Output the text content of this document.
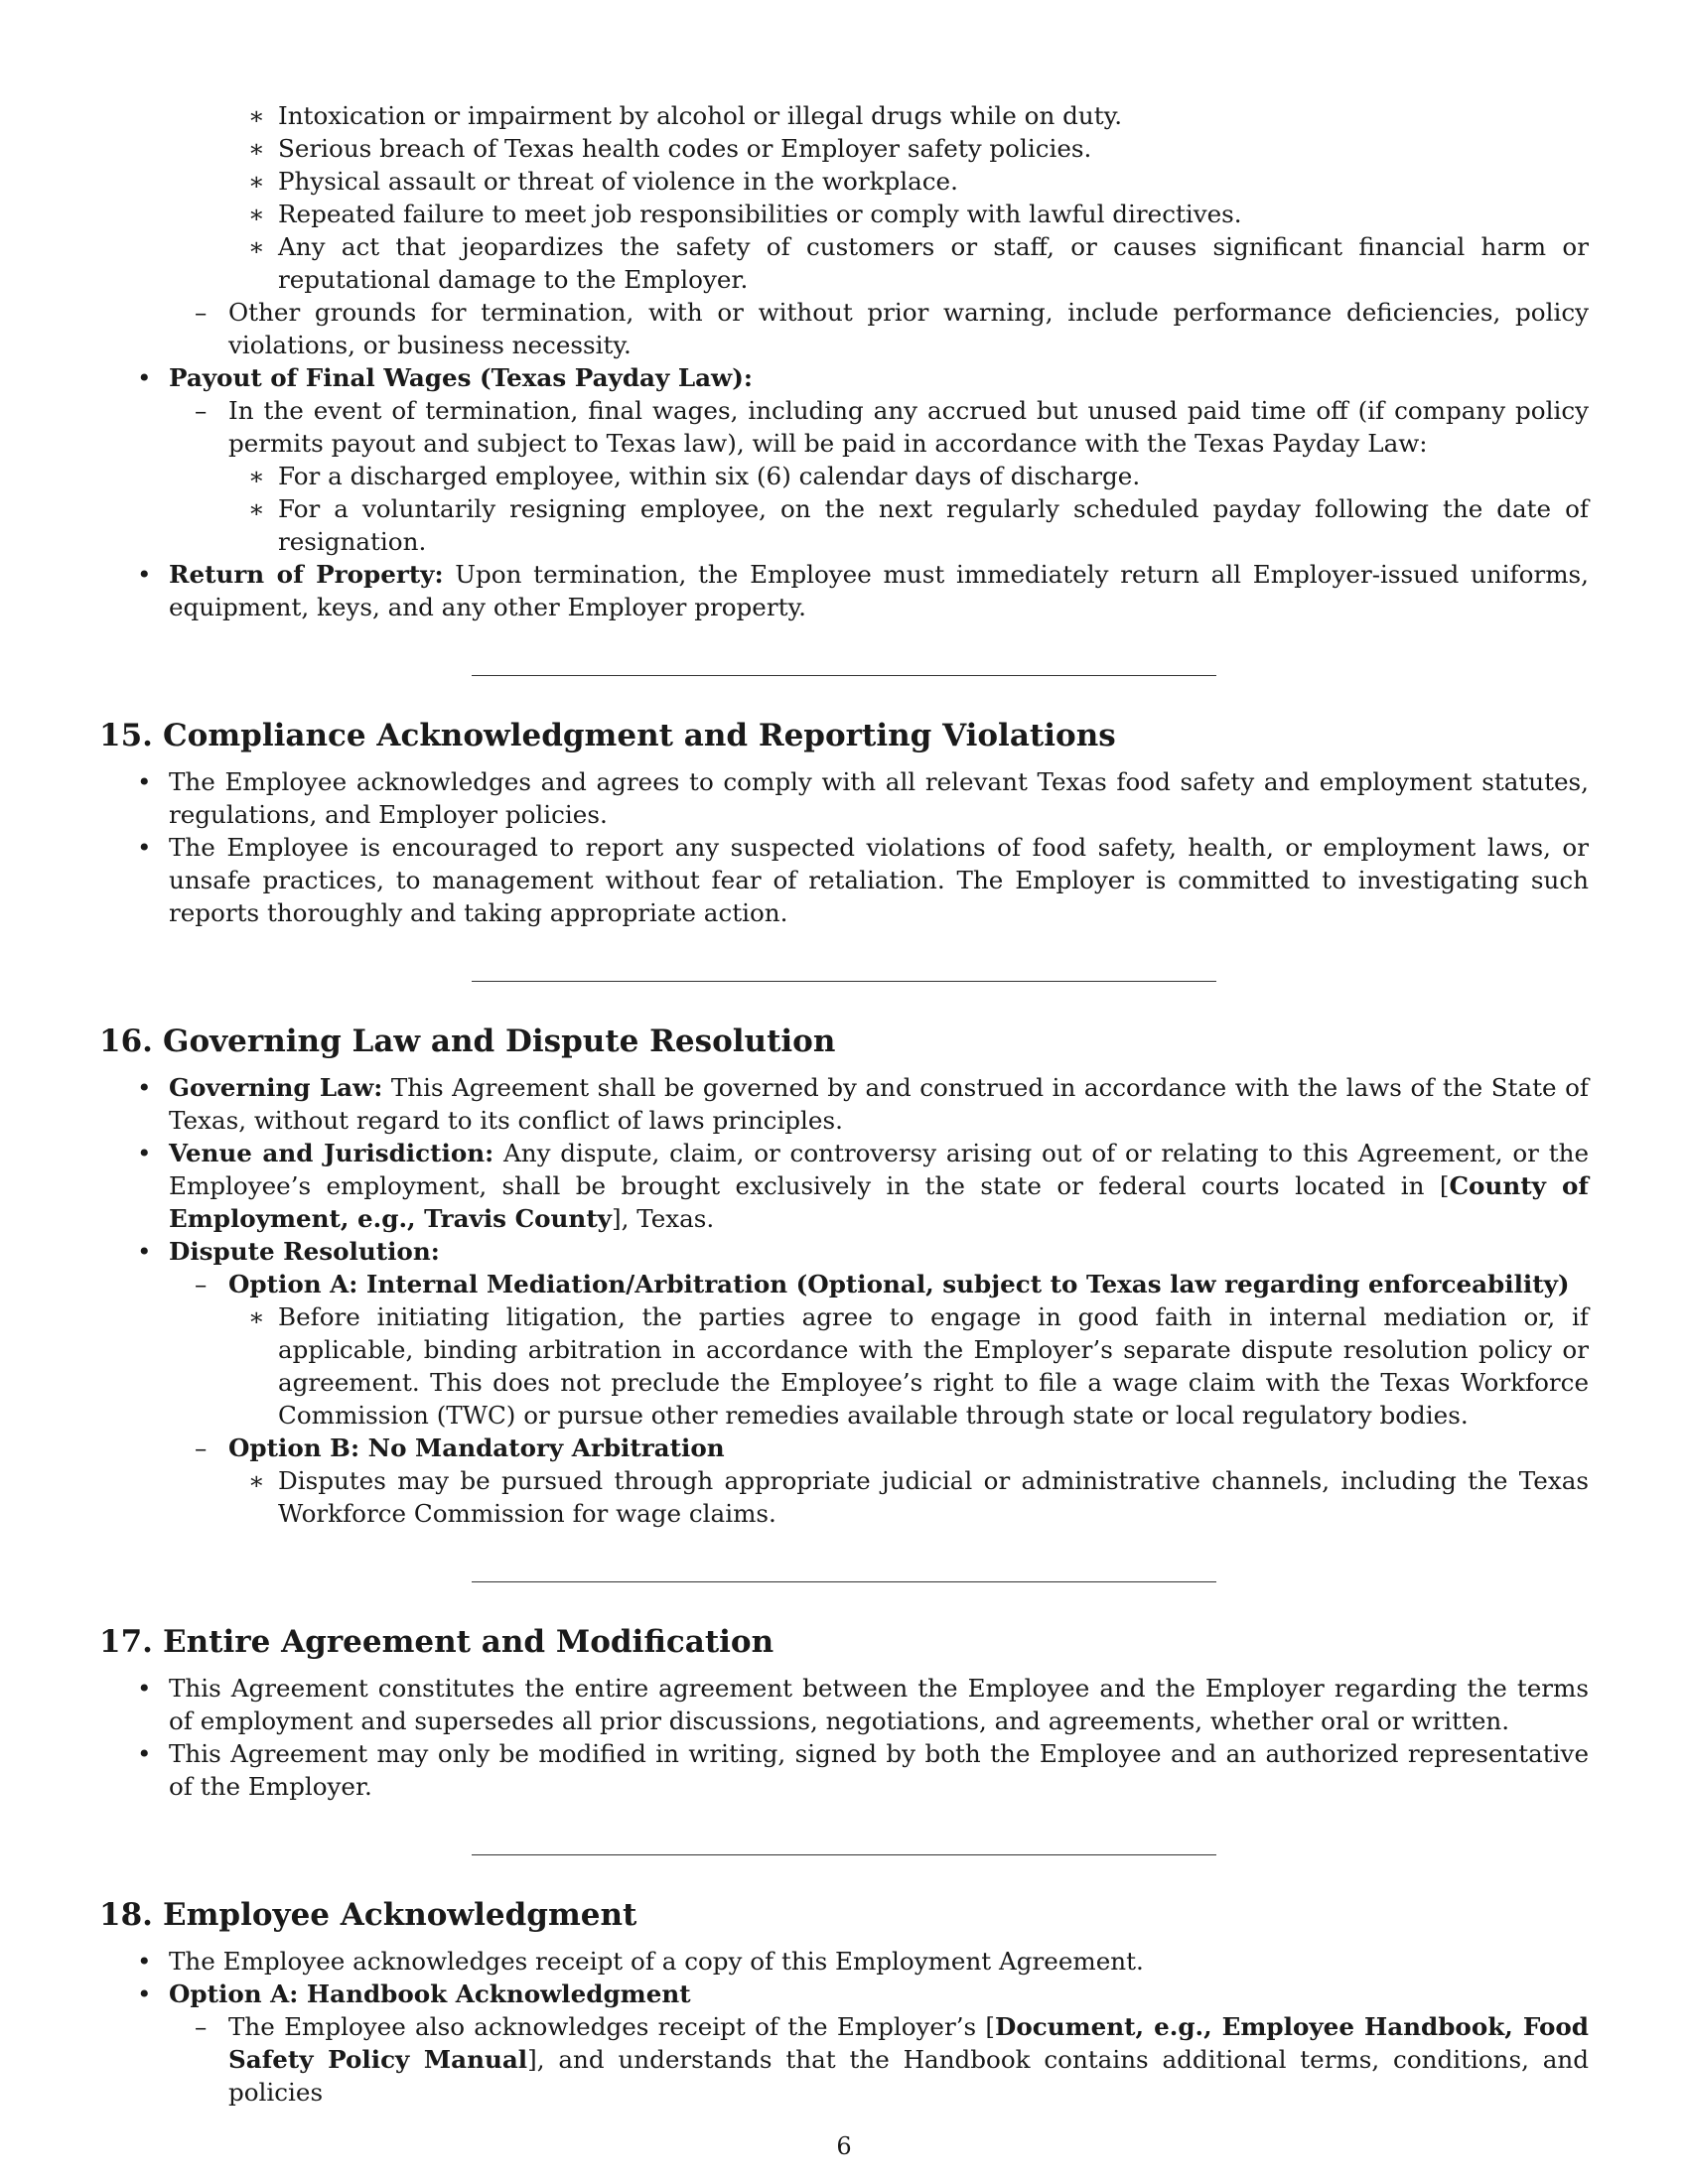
∗ Intoxication or impairment by alcohol or illegal drugs while on duty.
∗ Serious breach of Texas health codes or Employer safety policies.
∗ Physical assault or threat of violence in the workplace.
∗ Repeated failure to meet job responsibilities or comply with lawful directives.
∗ Any act that jeopardizes the safety of customers or staff, or causes significant financial harm or reputational damage to the Employer.
– Other grounds for termination, with or without prior warning, include performance deficiencies, policy violations, or business necessity.
• Payout of Final Wages (Texas Payday Law):
– In the event of termination, final wages, including any accrued but unused paid time off (if company policy permits payout and subject to Texas law), will be paid in accordance with the Texas Payday Law:
∗ For a discharged employee, within six (6) calendar days of discharge.
∗ For a voluntarily resigning employee, on the next regularly scheduled payday following the date of resignation.
• Return of Property: Upon termination, the Employee must immediately return all Employer-issued uniforms, equipment, keys, and any other Employer property.
15. Compliance Acknowledgment and Reporting Violations
• The Employee acknowledges and agrees to comply with all relevant Texas food safety and employment statutes, regulations, and Employer policies.
• The Employee is encouraged to report any suspected violations of food safety, health, or employment laws, or unsafe practices, to management without fear of retaliation. The Employer is committed to investigating such reports thoroughly and taking appropriate action.
16. Governing Law and Dispute Resolution
• Governing Law: This Agreement shall be governed by and construed in accordance with the laws of the State of Texas, without regard to its conflict of laws principles.
• Venue and Jurisdiction: Any dispute, claim, or controversy arising out of or relating to this Agreement, or the Employee’s employment, shall be brought exclusively in the state or federal courts located in [County of Employment, e.g., Travis County], Texas.
• Dispute Resolution:
– Option A: Internal Mediation/Arbitration (Optional, subject to Texas law regarding enforceability)
∗ Before initiating litigation, the parties agree to engage in good faith in internal mediation or, if applicable, binding arbitration in accordance with the Employer’s separate dispute resolution policy or agreement. This does not preclude the Employee’s right to file a wage claim with the Texas Workforce Commission (TWC) or pursue other remedies available through state or local regulatory bodies.
– Option B: No Mandatory Arbitration
∗ Disputes may be pursued through appropriate judicial or administrative channels, including the Texas Workforce Commission for wage claims.
17. Entire Agreement and Modification
• This Agreement constitutes the entire agreement between the Employee and the Employer regarding the terms of employment and supersedes all prior discussions, negotiations, and agreements, whether oral or written.
• This Agreement may only be modified in writing, signed by both the Employee and an authorized representative of the Employer.
18. Employee Acknowledgment
• The Employee acknowledges receipt of a copy of this Employment Agreement.
• Option A: Handbook Acknowledgment
– The Employee also acknowledges receipt of the Employer’s [Document, e.g., Employee Handbook, Food Safety Policy Manual], and understands that the Handbook contains additional terms, conditions, and policies
6
